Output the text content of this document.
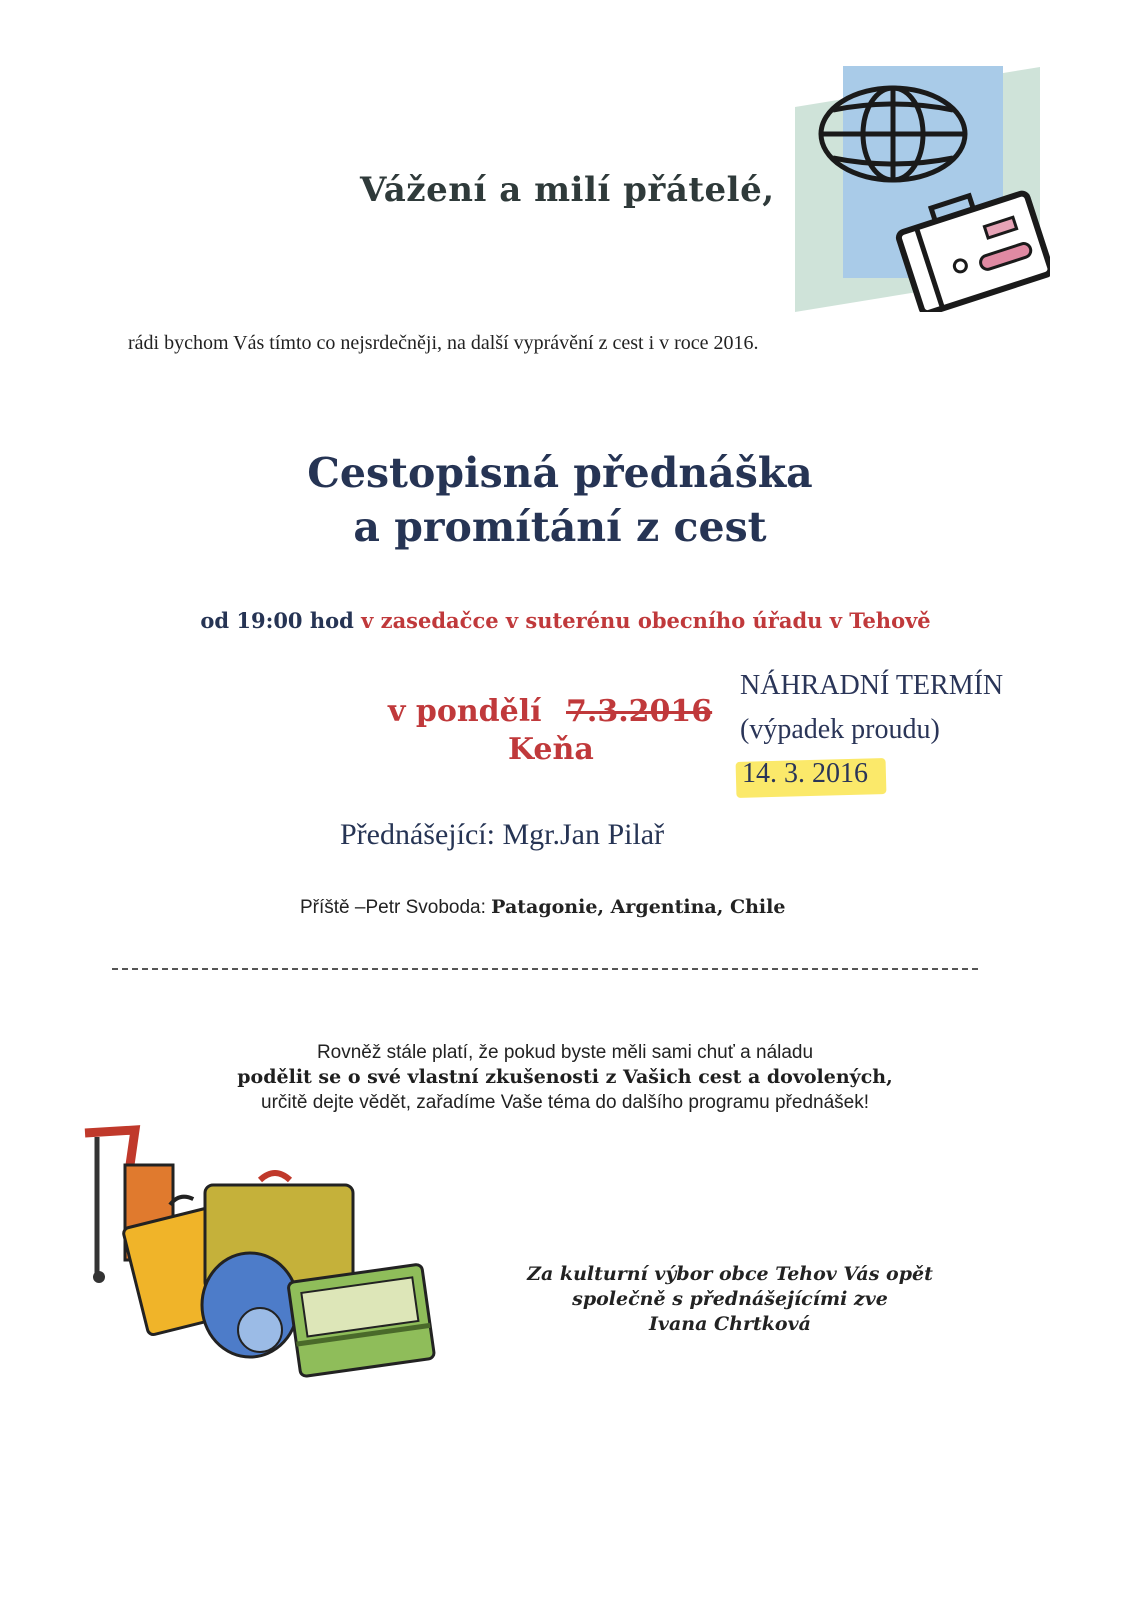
Vážení a milí přátelé,
rádi bychom Vás tímto co nejsrdečněji, na další vyprávění z cest i v roce 2016.
Cestopisná přednáška
a promítání z cest
od 19:00 hod v zasedačce v suterénu obecního úřadu v Tehově
v pondělí 7.3.2016
Keňa
NÁHRADNÍ TERMÍN
(výpadek proudu)
14. 3. 2016
Přednášející: Mgr.Jan Pilař
Příště –Petr Svoboda: Patagonie, Argentina, Chile
Rovněž stále platí, že pokud byste měli sami chuť a náladu
podělit se o své vlastní zkušenosti z Vašich cest a dovolených,
určitě dejte vědět, zařadíme Vaše téma do dalšího programu přednášek!
Za kulturní výbor obce Tehov Vás opět
společně s přednášejícími zve
Ivana Chrtková
